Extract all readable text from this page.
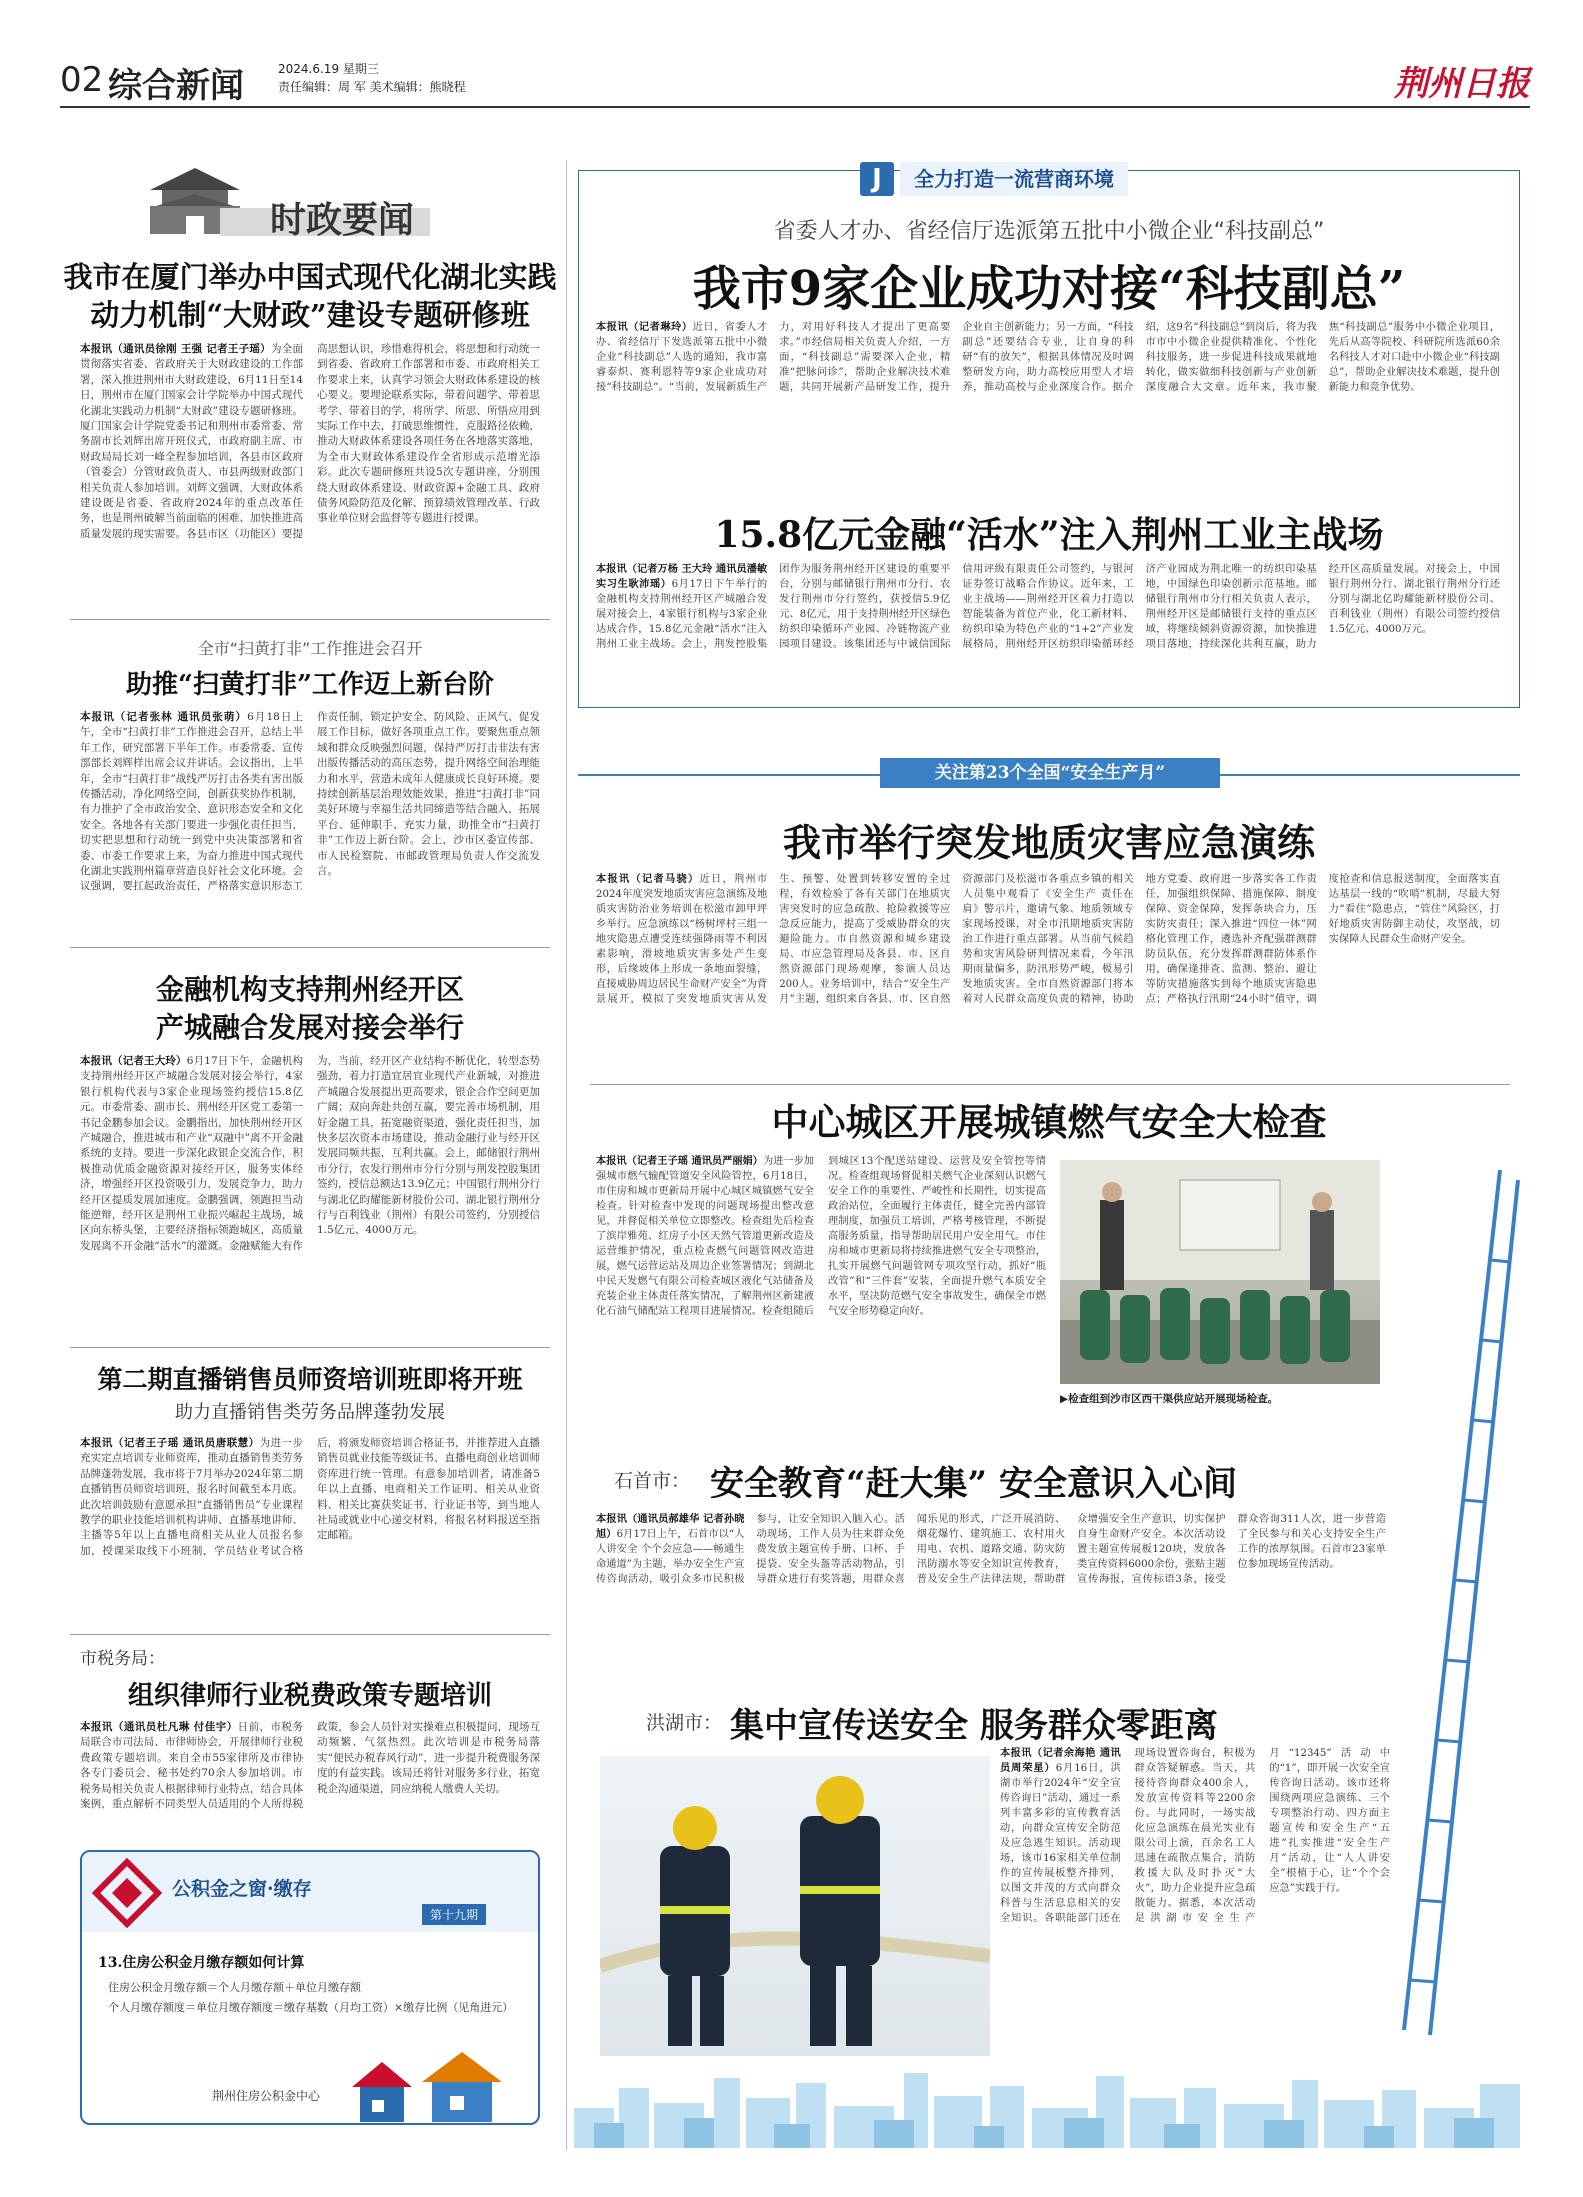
02 综合新闻	2024.6.19 星期三
责任编辑：周 军 美术编辑：熊晓程	荆州日报
时政要闻
我市在厦门举办中国式现代化湖北实践
动力机制“大财政”建设专题研修班
本报讯（通讯员徐刚 王强 记者王子瑶）为全面贯彻落实省委、省政府关于大财政建设的工作部署，深入推进荆州市大财政建设，6月11日至14日，荆州市在厦门国家会计学院举办中国式现代化湖北实践动力机制“大财政”建设专题研修班。厦门国家会计学院党委书记和荆州市委常委、常务副市长刘辉出席开班仪式，市政府副主席、市财政局局长刘一峰全程参加培训，各县市区政府（管委会）分管财政负责人、市县两级财政部门相关负责人参加培训。刘辉文强调，大财政体系建设既是省委、省政府2024年的重点改革任务，也是荆州破解当前面临的困难、加快推进高质量发展的现实需要。各县市区（功能区）要提高思想认识，珍惜难得机会，将思想和行动统一到省委、省政府工作部署和市委、市政府相关工作要求上来，认真学习领会大财政体系建设的核心要义。要埋论联系实际，带着问题学、带着思考学、带着目的学，将所学、所思、所悟应用到实际工作中去，打破思维惯性，克服路径依赖，推动大财政体系建设各项任务在各地落实落地，为全市大财政体系建设作全省形成示范增光添彩。此次专题研修班共设5次专题讲座，分别围绕大财政体系建设、财政资源+金融工具、政府债务风险防范及化解、预算绩效管理改革、行政事业单位财会监督等专题进行授课。
全市“扫黄打非”工作推进会召开
助推“扫黄打非”工作迈上新台阶
本报讯（记者张林 通讯员张萌）6月18日上午，全市“扫黄打非”工作推进会召开，总结上半年工作，研究部署下半年工作。市委常委、宣传部部长刘辉样出席会议并讲话。会议指出，上半年，全市“扫黄打非”战线严厉打击各类有害出版传播活动，净化网络空间，创新获奖协作机制，有力推护了全市政治安全、意识形态安全和文化安全。各地各有关部门要进一步强化责任担当，切实把思想和行动统一到党中央决策部署和省委、市委工作要求上来，为奋力推进中国式现代化湖北实践荆州篇章营造良好社会文化环境。会议强调，要扛起政治责任，严格落实意识形态工作责任制，锁定护安全、防风险、正风气、促发展工作目标，做好各项重点工作。要聚焦重点领域和群众反映强烈问题，保持严厉打击非法有害出版传播活动的高压态势，提升网络空间治理能力和水平，营造未成年人健康成长良好环境。要持续创新基层治理效能效果，推进“扫黄打非”同美好环境与幸福生活共同缔造等结合融入，拓展平台、延伸职手、充实力量，助推全市“扫黄打非”工作迈上新台阶。会上，沙市区委宣传部、市人民检察院、市邮政管理局负责人作交流发言。
金融机构支持荆州经开区
产城融合发展对接会举行
本报讯（记者王大玲）6月17日下午，金融机构支持荆州经开区产城融合发展对接会举行，4家银行机构代表与3家企业现场签约授信15.8亿元。市委常委、副市长、荆州经开区党工委第一书记金鹏参加会议。金鹏指出，加快荆州经开区产城融合，推进城市和产业“双融中”离不开金融系统的支持。要进一步深化政银企交流合作，积极推动优质金融资源对接经开区，服务实体经济，增强经开区投资吸引力，发展竞争力，助力经开区提质发展加速度。金鹏强调，领跑担当动能逆辩，经开区是荆州工业振兴崛起主战场，城区向东桥头堡，主要经济指标领跑城区，高质量发展离不开金融“活水”的灌溉。金融赋能大有作为，当前，经开区产业结构不断优化，转型态势强劲，着力打造宜居宜业现代产业新城，对推进产城融合发展提出更高要求，银企合作空间更加广阔；双向奔赴共创互赢，要完善市场机制，用好金融工具，拓宽融资渠道，强化责任担当，加快多层次资本市场建设，推动金融行业与经开区发展同频共振，互利共赢。会上，邮储银行荆州市分行，农发行荆州市分行分别与荆发控股集团签约，授信总额达13.9亿元；中国银行荆州分行与湖北亿昀耀能新材股份公司、湖北银行荆州分行与百利钱业（荆州）有限公司签约，分别授信1.5亿元、4000万元。
第二期直播销售员师资培训班即将开班
助力直播销售类劳务品牌蓬勃发展
本报讯（记者王子瑶 通讯员唐联慧）为进一步充实定点培训专业师资库，推动直播销售类劳务品牌蓬勃发展，我市将于7月举办2024年第二期直播销售员师资培训班，报名时间截至本月底。此次培训鼓励有意愿承担“直播销售员”专业课程教学的职业技能培训机构讲师、直播基地讲师、主播等5年以上直播电商相关从业人员报名参加，授课采取线下小班制，学员结业考试合格后，将颁发师资培训合格证书，并推荐进入直播销售员就业技能等级证书、直播电商创业培训师资库进行统一管理。有意参加培训者，请准备5年以上直播、电商相关工作证明、相关从业资料、相关比赛获奖证书、行业证书等，到当地人社局或就业中心递交材料，将报名材料报送至指定邮箱。
市税务局：
组织律师行业税费政策专题培训
本报讯（通讯员杜凡琳 付佳宇）日前，市税务局联合市司法局、市律师协会，开展律师行业税费政策专题培训。来自全市55家律所及市律协各专门委员会、秘书处约70余人参加培训。市税务局相关负责人根据律师行业特点，结合具体案例，重点解析不同类型人员适用的个人所得税政策，参会人员针对实操难点积极提问，现场互动频繁、气氛热烈。此次培训是市税务局落实“便民办税春风行动”，进一步提升税费服务深度的有益实践。该局还将针对服务多行业，拓宽税企沟通渠道，同应纳税人缴费人关切。
公积金之窗·缴存
第十九期
13.住房公积金月缴存额如何计算
住房公积金月缴存额＝个人月缴存额＋单位月缴存额
个人月缴存额度＝单位月缴存额度＝缴存基数（月均工资）×缴存比例（见角进元）
荆州住房公积金中心
J	全力打造一流营商环境
省委人才办、省经信厅选派第五批中小微企业“科技副总”
我市9家企业成功对接“科技副总”
本报讯（记者琳玲）近日，省委人才办、省经信厅下发选派第五批中小微企业“科技副总”人选的通知，我市富睿泰炽、赛利恩特等9家企业成功对接“科技副总”。“当前，发展新质生产力，对用好科技人才提出了更高要求。”市经信局相关负责人介绍，一方面，“科技副总”需要深入企业，精准“把脉问诊”，帮助企业解决技术难题，共同开展新产品研发工作，提升企业自主创新能力；另一方面，“科技副总”还要结合专业，让自身的科研“有的放矢”，根据具体情况及时调整研发方向，助力高校应用型人才培养，推动高校与企业深度合作。据介绍，这9名“科技副总”到岗后，将为我市市中小微企业提供精准化、个性化科技服务，进一步促进科技成果就地转化，做实做细科技创新与产业创新深度融合大文章。近年来，我市聚焦“科技副总”服务中小微企业项目，先后从高等院校、科研院所选派60余名科技人才对口赴中小微企业“科技副总”，帮助企业解决技术难题，提升创新能力和竞争优势。
15.8亿元金融“活水”注入荆州工业主战场
本报讯（记者万杨 王大玲 通讯员潘敏 实习生耿沛瑶）6月17日下午举行的金融机构支持荆州经开区产城融合发展对接会上，4家银行机构与3家企业达成合作，15.8亿元金融“活水”注入荆州工业主战场。会上，荆发控股集团作为服务荆州经开区建设的重要平台，分别与邮储银行荆州市分行、农发行荆州市分行签约，获授信5.9亿元、8亿元，用于支持荆州经开区绿色纺织印染循环产业园、冷链物流产业园项目建设。该集团还与中诚信国际信用评级有限责任公司签约，与银河证券签订战略合作协议。近年来，工业主战场——荆州经开区着力打造以智能装备为首位产业，化工新材料、纺织印染为特色产业的“1+2”产业发展格局，荆州经开区纺织印染循环经济产业园成为荆北唯一的纺织印染基地，中国绿色印染创新示范基地。邮储银行荆州市分行相关负责人表示，荆州经开区是邮储银行支持的重点区域，将继续倾斜资源资源，加快推进项目落地，持续深化共利互赢，助力经开区高质量发展。对接会上，中国银行荆州分行、湖北银行荆州分行还分别与湖北亿昀耀能新材股份公司、百利钱业（荆州）有限公司签约授信1.5亿元、4000万元。
关注第23个全国“安全生产月”
我市举行突发地质灾害应急演练
本报讯（记者马骁）近日，荆州市2024年度突发地质灾害应急演练及地质灾害防治业务培训在松滋市卸甲坪乡举行。应急演练以“杨树坪村三组一地灾隐患点遭受连续强降雨等不利因素影响，滑坡地质灾害多处产生变形，后缘坡体上形成一条地面裂缝，直接威胁周边居民生命财产安全”为背景展开，模拟了突发地质灾害从发生、预警、处置到转移安置的全过程，有效检验了各有关部门在地质灾害突发时的应急疏散、抢险救援等应急反应能力，提高了受威胁群众的灾避险能力。市自然资源和城乡建设局、市应急管理局及各县、市、区自然资源部门现场观摩，参演人员达200人。业务培训中，结合“安全生产月”主题，组织来自各县、市、区自然资源部门及松滋市各重点乡镇的相关人员集中观看了《安全生产 责任在肩》警示片，邀请气象、地质领域专家现场授课，对全市汛期地质灾害防治工作进行重点部署。从当前气候趋势和灾害风险研判情况来看，今年汛期雨量偏多，防汛形势严峻，极易引发地质灾害。全市自然资源部门将本着对人民群众高度负责的精神，协助地方党委、政府进一步落实各工作责任，加强组织保障、措施保障、制度保障、资金保障，发挥条块合力，压实防灾责任；深入推进“四位一体”网格化管理工作，遴选补齐配强群测群防员队伍，充分发挥群测群防体系作用，确保逢排查、监测、整治、避让等防灾措施落实到每个地质灾害隐患点；严格执行汛期“24小时”值守，调度抢查和信息报送制度，全面落实直达基层一线的“吹哨”机制，尽最大努力“看住”隐患点，“管住”风险区，打好地质灾害防御主动仗，攻坚战，切实保障人民群众生命财产安全。
中心城区开展城镇燃气安全大检查
本报讯（记者王子瑶 通讯员严丽娟）为进一步加强城市燃气输配管道安全风险管控，6月18日，市住房和城市更新局开展中心城区城镇燃气安全检查。针对检查中发现的问题现场提出整改意见，并督促相关单位立即整改。检查组先后检查了滨岸雅苑、红房子小区天然气管道更新改造及运营维护情况，重点检查燃气问题管网改造进展，燃气运营运站及周边企业签署情况；到湖北中民天发燃气有限公司检查城区液化气站储备及充装企业主体责任落实情况，了解荆州区新建液化石油气储配站工程项目进展情况。检查组随后到城区13个配送站建设、运营及安全管控等情况。检查组现场督促相关燃气企业深刻认识燃气安全工作的重要性、严峻性和长期性，切实提高政治站位，全面履行主体责任，健全完善内部管理制度，加强员工培训，严格考核管理，不断提高服务质量，指导帮助居民用户安全用气。市住房和城市更新局将持续推进燃气安全专项整治，扎实开展燃气问题管网专项攻坚行动，抓好“瓶改管”和“三件套”安装，全面提升燃气本质安全水平，坚决防范燃气安全事故发生，确保全市燃气安全形势稳定向好。
▶检查组到沙市区西干渠供应站开展现场检查。
石首市： 安全教育“赶大集” 安全意识入心间
本报讯（通讯员郝雄华 记者孙晓旭）6月17日上午，石首市以“人人讲安全 个个会应急——畅通生命通道”为主题，举办安全生产宣传咨询活动，吸引众多市民积极参与，让安全知识入脑入心。活动现场，工作人员为往来群众免费发放主题宣传手册、口杯、手提袋、安全头盔等活动物品，引导群众进行有奖答题，用群众喜闻乐见的形式，广泛开展消防、烟花爆竹、建筑施工、农村用火用电、农机、道路交通、防灾防汛防溺水等安全知识宣传教育，普及安全生产法律法规，帮助群众增强安全生产意识，切实保护自身生命财产安全。本次活动设置主题宣传展板120块，发放各类宣传资料6000余份，张贴主题宣传海报，宣传标语3条，接受群众咨询311人次，进一步营造了全民参与和关心支持安全生产工作的浓厚氛围。石首市23家单位参加现场宣传活动。
洪湖市： 集中宣传送安全 服务群众零距离
本报讯（记者余海艳 通讯员周荣星）6月16日，洪湖市举行2024年“安全宣传咨询日”活动，通过一系列丰富多彩的宣传教育活动，向群众宣传安全防范及应急逃生知识。活动现场，该市16家相关单位制作的宣传展板整齐排列，以图文并茂的方式向群众科普与生活息息相关的安全知识。各职能部门还在现场设置咨询台，积极为群众答疑解惑。当天，共接待咨询群众400余人，发放宣传资料等2200余份。与此同时，一场实战化应急演练在晨光实业有限公司上演，百余名工人迅速在疏散点集合，消防救援大队及时扑灭“大火”，助力企业提升应急疏散能力。据悉，本次活动是洪湖市安全生产月“12345”活动中的“1”，即开展一次安全宣传咨询日活动。该市还将围绕两项应急演练、三个专项整治行动、四方面主题宣传和安全生产“五进”扎实推进“安全生产月”活动，让“人人讲安全”根植于心，让“个个会应急”实践于行。
